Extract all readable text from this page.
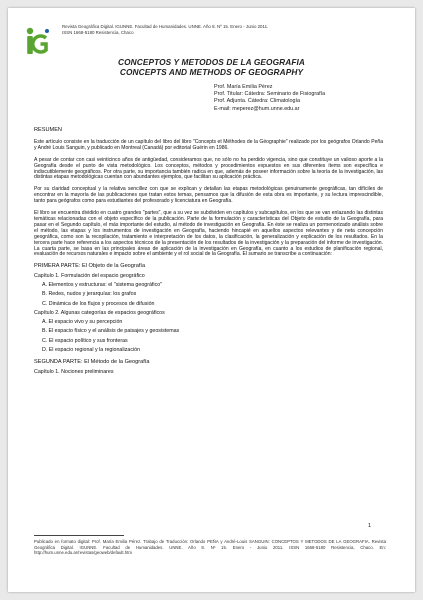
Revista Geográfica Digital. IGUNNE. Facultad de Humanidades. UNNE. Año 8. Nº 15. Enero - Junio 2011.
ISSN 1668-5180 Resistencia, Chaco
CONCEPTOS Y METODOS DE LA GEOGRAFIA
CONCEPTS AND METHODS OF GEOGRAPHY
Prof. María Emilia Pérez
Prof. Titular: Cátedra: Seminario de Fisiografía
Prof. Adjunta. Cátedra: Climatología
E-mail: meperez@hum.unne.edu.ar
RESUMEN

Este artículo consiste en la traducción de un capítulo del libro del libro "Concepts et Méthodes de la Géographie" realizado por los geógrafos Orlando Peña y André Louis Sanguin, y publicado en Montreal (Canadá) por editorial Guérin en 1986.

A pesar de contar con casi veinticinco años de antigüedad, consideramos que, no sólo no ha perdido vigencia, sino que constituye un valioso aporte a la Geografía desde el punto de vista metodológico. Los conceptos, métodos y procedimientos expuestos en sus diferentes ítems son específica e indiscutiblemente geográficos. Por otra parte, su importancia también radica en que, además de poseer información sobre la teoría de la investigación, las distintas etapas metodológicas cuentan con abundantes ejemplos, que facilitan su aplicación práctica.

Por su claridad conceptual y la relativa sencillez con que se explican y detallan las etapas metodológicas genuinamente geográficas, tan difíciles de encontrar en la mayoría de las publicaciones que tratan estos temas, pensamos que la difusión de esta obra es importante, y su lectura imprescindible, tanto para geógrafos como para estudiantes del profesorado y licenciatura en Geografía.

El libro se encuentra dividido en cuatro grandes "partes", que a su vez se subdividen en capítulos y subcapítulos, en los que se van enlazando las distintas temáticas relacionadas con el objeto específico de la publicación. Parte de la formulación y características del Objeto de estudio de la Geografía, para pasar en el Segundo capítulo, el más importante del estudio, al método de investigación en Geografía. En éste se realiza un pormenorizado análisis sobre el método, las etapas y los instrumentos de investigación en Geografía, haciendo hincapié en aquellos aspectos relevantes y de neta concepción geográfica, como son la recopilación, tratamiento e interpretación de los datos, la clasificación, la generalización y explicación de los resultados. En la tercera parte hace referencia a los aspectos técnicos de la presentación de los resultados de la investigación y la preparación del informe de investigación. La cuarta parte, se basa en las principales áreas de aplicación de la investigación en Geografía, en cuanto a los estudios de planificación regional, evaluación de recursos naturales e impacto sobre el ambiente y el rol social de la Geografía. El sumario se transcribe a continuación:

PRIMERA PARTE: El Objeto de la Geografía
Capítulo 1. Formulación del espacio geográfico
A. Elementos y estructuras: el "sistema geográfico"
B. Redes, nudos y jerarquías: los grafos
C. Dinámica de los flujos y procesos de difusión
Capítulo 2. Algunas categorías de espacios geográficos
A. El espacio vivo y su percepción
B. El espacio físico y el análisis de paisajes y geosistemas
C. El espacio político y sus fronteras
D. El espacio regional y la regionalización
SEGUNDA PARTE: El Método de la Geografía
Capítulo 1. Nociones preliminares
1
Publicado en formato digital: Prof. María Emilia Pérez. Trabajo de Traducción: Orlando PEÑA y André-Louis SANGUIN: CONCEPTOS Y METODOS DE LA GEOGRAFIA. Revista Geográfica Digital. IGUNNE. Facultad de Humanidades. UNNE. Año 8. Nº 15. Enero - Junio 2011. ISSN 1668-5180 Resistencia, Chaco. En: http://hum.unne.edu.ar/revistas/geoweb/default.htm
